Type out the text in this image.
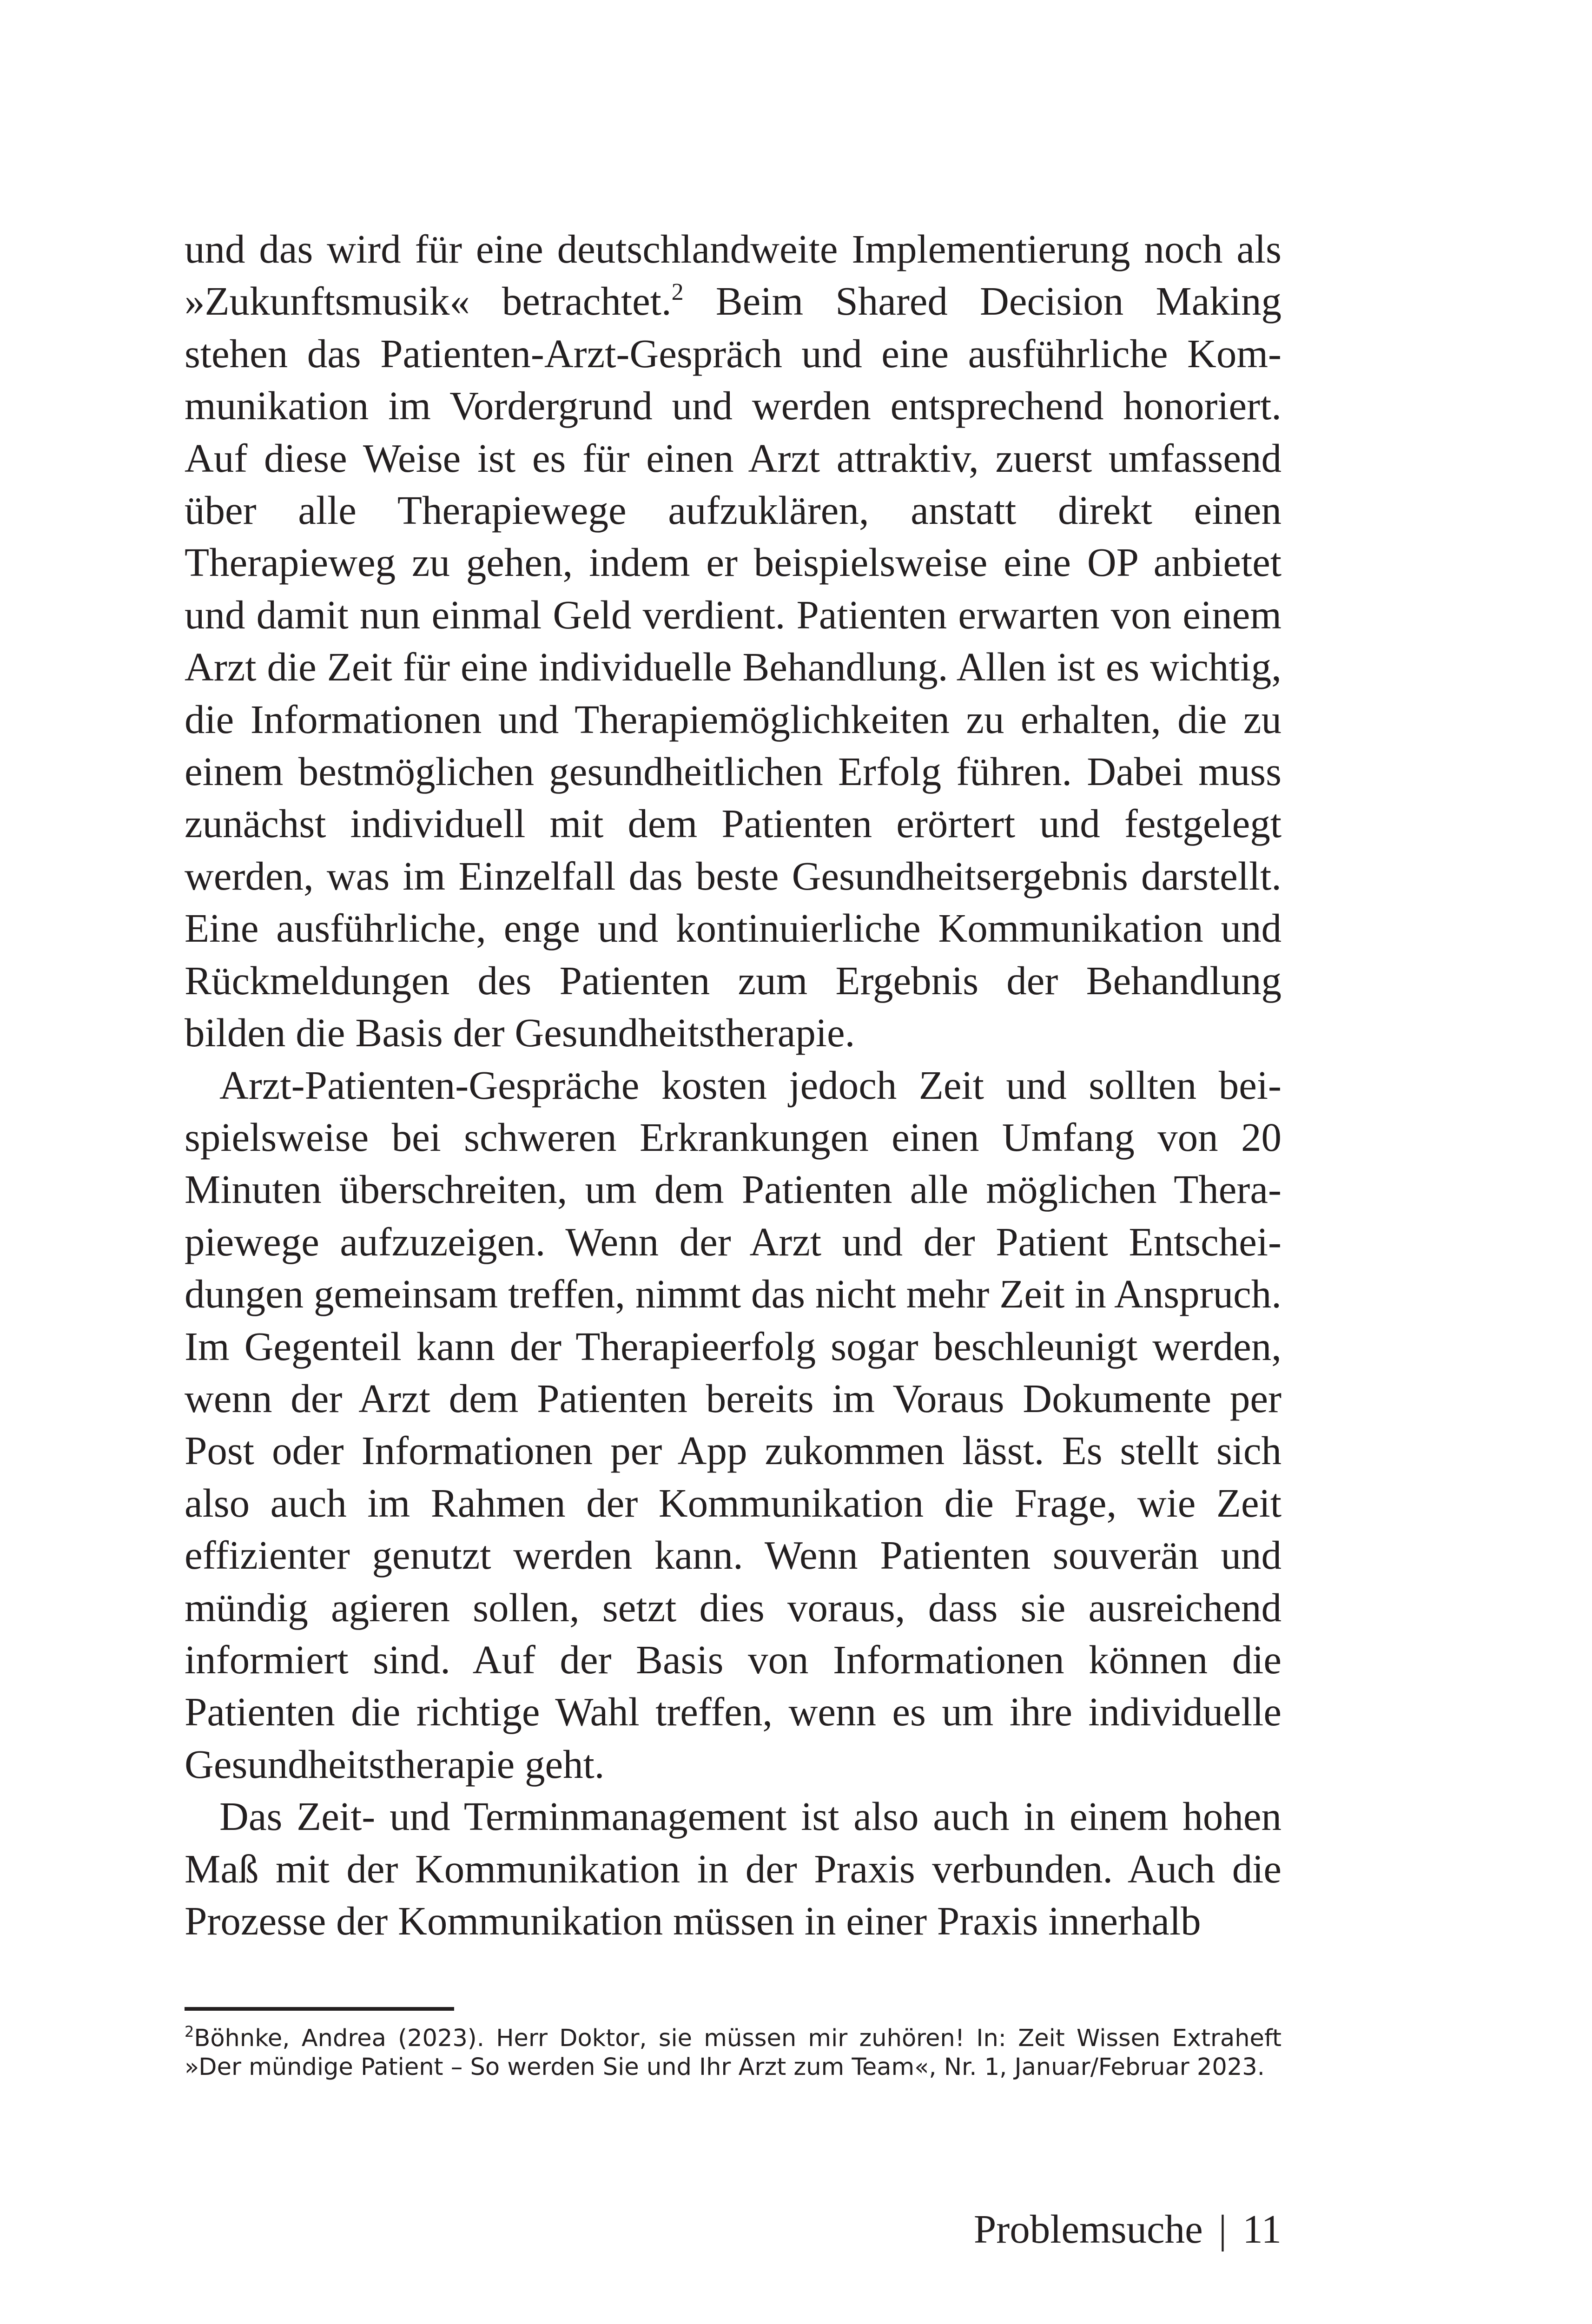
und das wird für eine deutschlandweite Implementierung noch als »Zukunftsmusik« betrachtet.$^2$ Beim Shared Decision Making stehen das Patienten-Arzt-Gespräch und eine ausführliche Kommunikation im Vordergrund und werden entsprechend honoriert. Auf diese Weise ist es für einen Arzt attraktiv, zuerst umfassend über alle Therapiewege aufzuklären, anstatt direkt einen Therapieweg zu gehen, indem er beispielsweise eine OP anbietet und damit nun einmal Geld verdient. Patienten erwarten von einem Arzt die Zeit für eine individuelle Behandlung. Allen ist es wichtig, die Informationen und Therapiemöglichkeiten zu erhalten, die zu einem bestmöglichen gesundheitlichen Erfolg führen. Dabei muss zunächst individuell mit dem Patienten erörtert und festgelegt werden, was im Einzelfall das beste Gesundheitsergebnis darstellt. Eine ausführliche, enge und kontinuierliche Kommunikation und Rückmeldungen des Patienten zum Ergebnis der Behandlung bilden die Basis der Gesundheitstherapie.

Arzt-Patienten-Gespräche kosten jedoch Zeit und sollten beispielsweise bei schweren Erkrankungen einen Umfang von 20 Minuten überschreiten, um dem Patienten alle möglichen Therapiewege aufzuzeigen. Wenn der Arzt und der Patient Entscheidungen gemeinsam treffen, nimmt das nicht mehr Zeit in Anspruch. Im Gegenteil kann der Therapieerfolg sogar beschleunigt werden, wenn der Arzt dem Patienten bereits im Voraus Dokumente per Post oder Informationen per App zukommen lässt. Es stellt sich also auch im Rahmen der Kommunikation die Frage, wie Zeit effizienter genutzt werden kann. Wenn Patienten souverän und mündig agieren sollen, setzt dies voraus, dass sie ausreichend informiert sind. Auf der Basis von Informationen können die Patienten die richtige Wahl treffen, wenn es um ihre individuelle Gesundheitstherapie geht.

Das Zeit- und Terminmanagement ist also auch in einem hohen Maß mit der Kommunikation in der Praxis verbunden. Auch die Prozesse der Kommunikation müssen in einer Praxis innerhalb

$^2$Böhnke, Andrea (2023). Herr Doktor, sie müssen mir zuhören! In: Zeit Wissen Extraheft »Der mündige Patient – So werden Sie und Ihr Arzt zum Team«, Nr. 1, Januar/Februar 2023.
Problemsuche | 11
